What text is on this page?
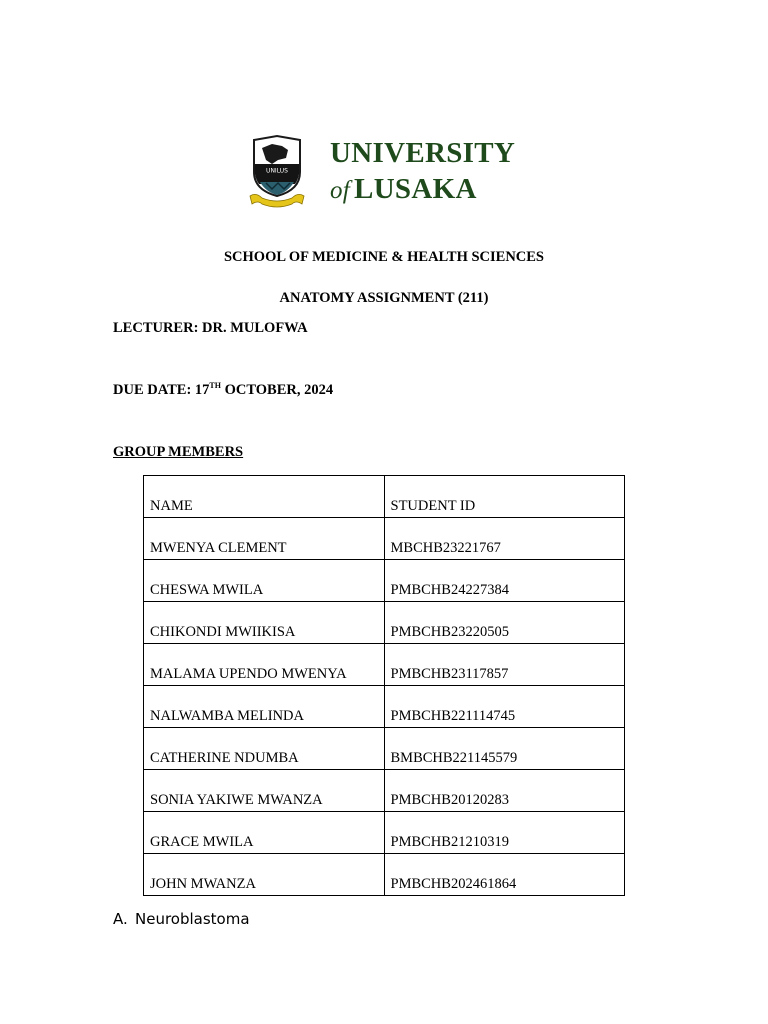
UNILUS
UNIVERSITY
of LUSAKA
SCHOOL OF MEDICINE & HEALTH SCIENCES
ANATOMY ASSIGNMENT (211)
LECTURER: DR. MULOFWA
DUE DATE: 17TH OCTOBER, 2024
GROUP MEMBERS
NAME	STUDENT ID
MWENYA CLEMENT	MBCHB23221767
CHESWA MWILA	PMBCHB24227384
CHIKONDI MWIIKISA	PMBCHB23220505
MALAMA UPENDO MWENYA	PMBCHB23117857
NALWAMBA MELINDA	PMBCHB221114745
CATHERINE NDUMBA	BMBCHB221145579
SONIA YAKIWE MWANZA	PMBCHB20120283
GRACE MWILA	PMBCHB21210319
JOHN MWANZA	PMBCHB202461864
A. Neuroblastoma
